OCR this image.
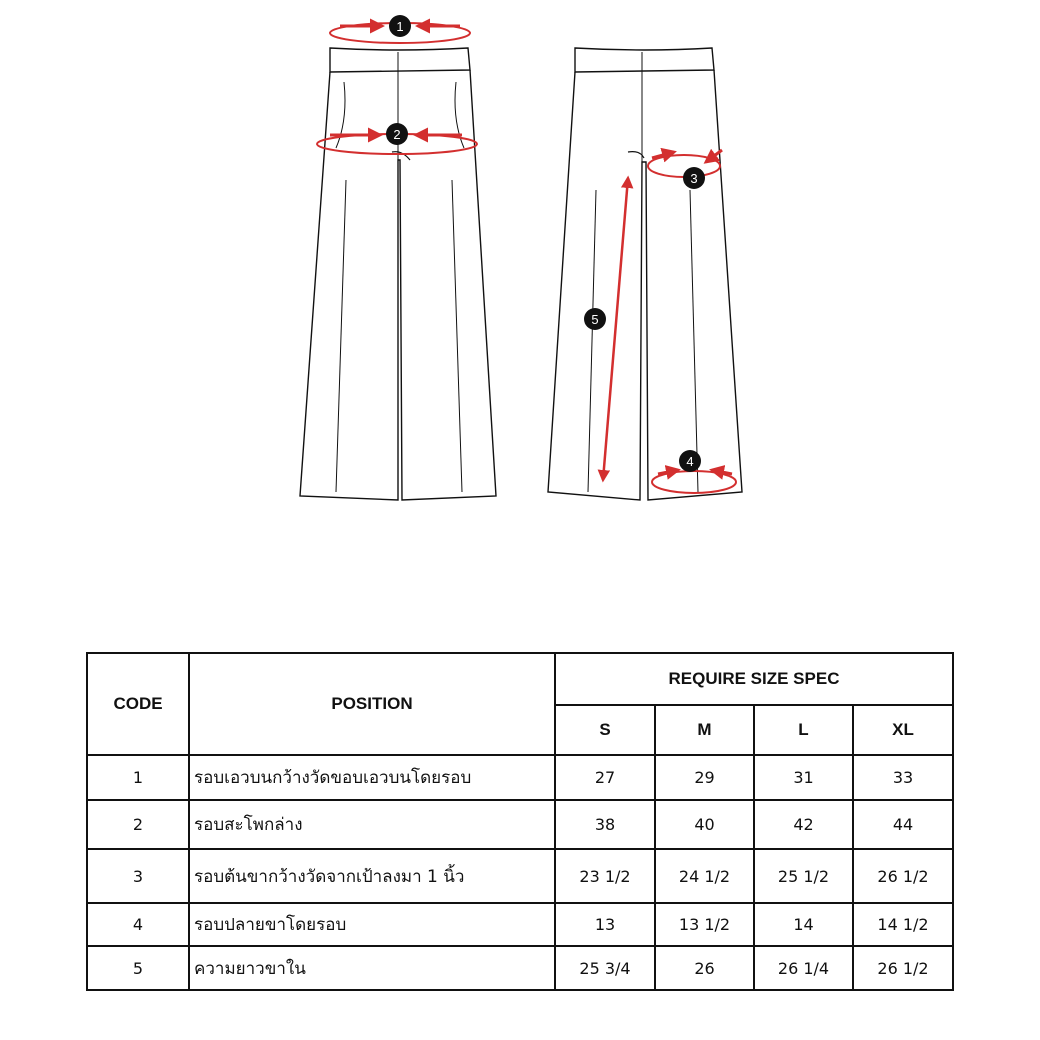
1
2
3
5
4
CODE	POSITION	REQUIRE SIZE SPEC			
		S	M	L	XL
1	รอบเอวบนกว้างวัดขอบเอวบนโดยรอบ	27	29	31	33
2	รอบสะโพกล่าง	38	40	42	44
3	รอบต้นขากว้างวัดจากเป้าลงมา 1 นิ้ว	23 1/2	24 1/2	25 1/2	26 1/2
4	รอบปลายขาโดยรอบ	13	13 1/2	14	14 1/2
5	ความยาวขาใน	25 3/4	26	26 1/4	26 1/2
